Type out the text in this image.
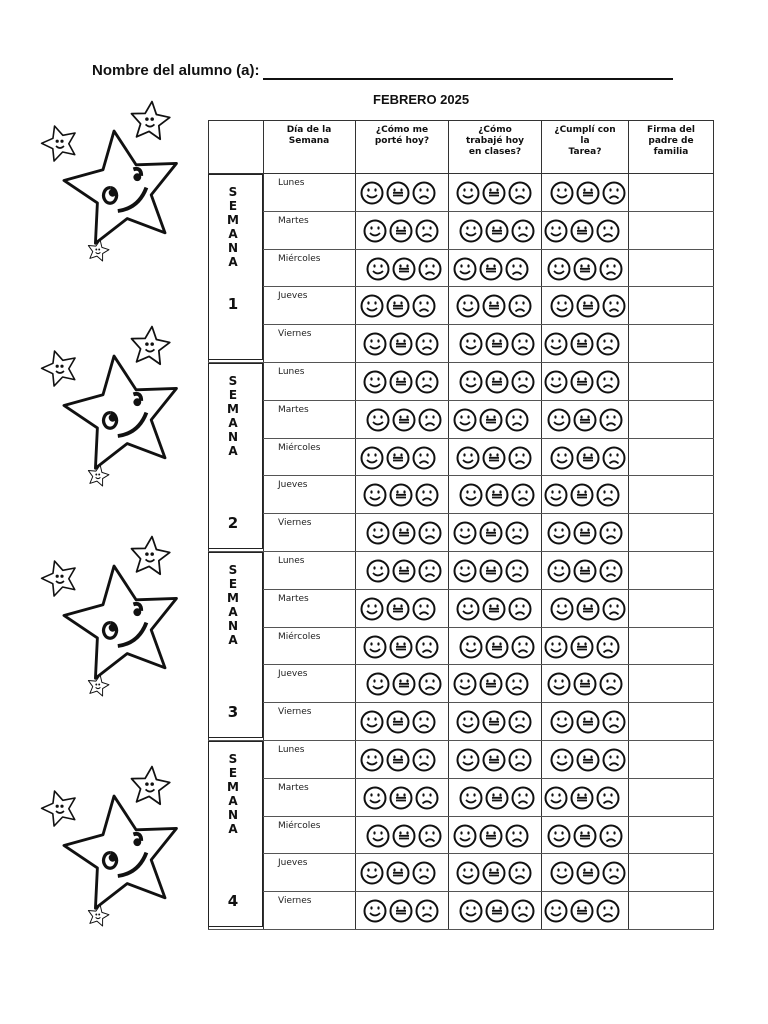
Nombre del alumno (a):
FEBRERO 2025
Día de la
Semana
¿Cómo me
porté hoy?
¿Cómo
trabajé hoy
en clases?
¿Cumplí con
la
Tarea?
Firma del
padre de
familia
S
E
M
A
N
A
1
Lunes
Martes
Miércoles
Jueves
Viernes
S
E
M
A
N
A
2
Lunes
Martes
Miércoles
Jueves
Viernes
S
E
M
A
N
A
3
Lunes
Martes
Miércoles
Jueves
Viernes
S
E
M
A
N
A
4
Lunes
Martes
Miércoles
Jueves
Viernes
